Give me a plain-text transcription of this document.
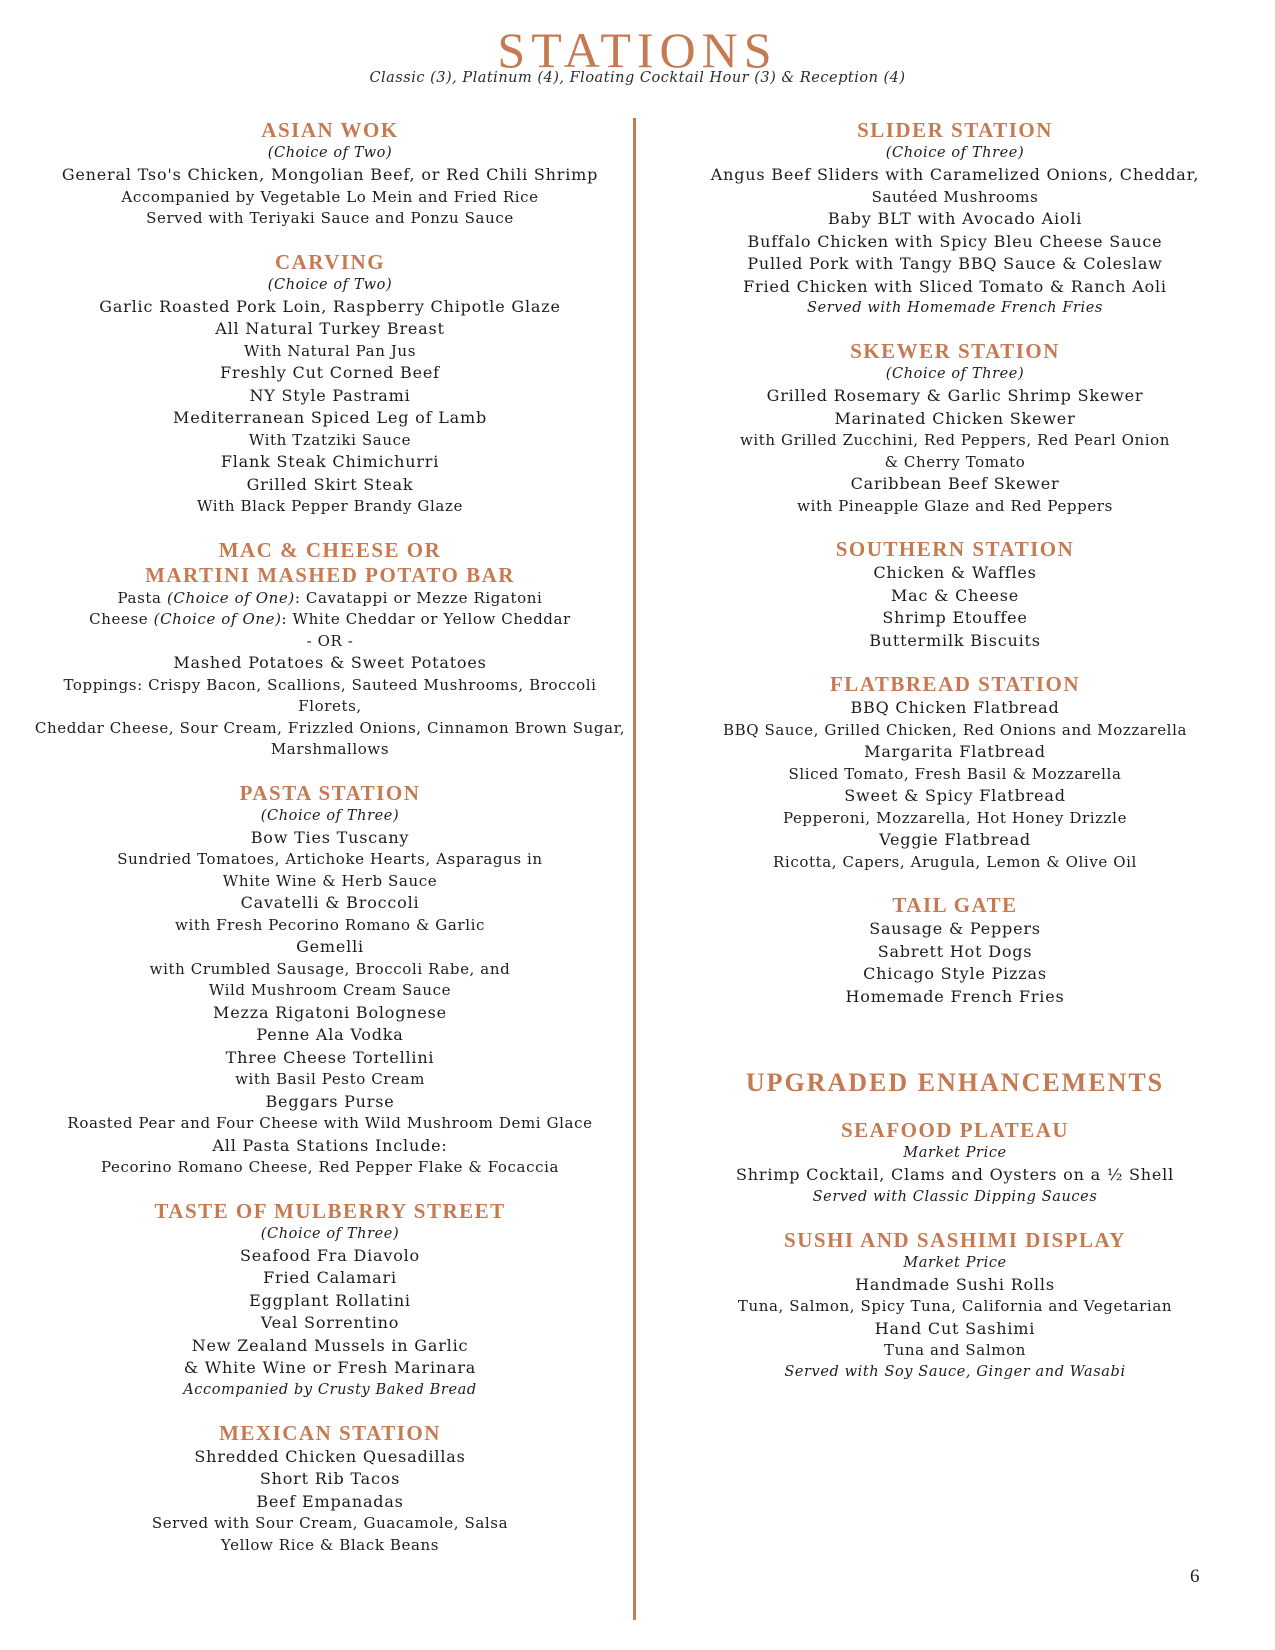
STATIONS
Classic (3), Platinum (4), Floating Cocktail Hour (3) & Reception (4)
ASIAN WOK
(Choice of Two)
General Tso's Chicken, Mongolian Beef, or Red Chili Shrimp
Accompanied by Vegetable Lo Mein and Fried Rice
Served with Teriyaki Sauce and Ponzu Sauce
CARVING
(Choice of Two)
Garlic Roasted Pork Loin, Raspberry Chipotle Glaze
All Natural Turkey Breast
With Natural Pan Jus
Freshly Cut Corned Beef
NY Style Pastrami
Mediterranean Spiced Leg of Lamb
With Tzatziki Sauce
Flank Steak Chimichurri
Grilled Skirt Steak
With Black Pepper Brandy Glaze
MAC & CHEESE OR
MARTINI MASHED POTATO BAR
Pasta (Choice of One): Cavatappi or Mezze Rigatoni
Cheese (Choice of One): White Cheddar or Yellow Cheddar
- OR -
Mashed Potatoes & Sweet Potatoes
Toppings: Crispy Bacon, Scallions, Sauteed Mushrooms, Broccoli Florets,
Cheddar Cheese, Sour Cream, Frizzled Onions, Cinnamon Brown Sugar,
Marshmallows
PASTA STATION
(Choice of Three)
Bow Ties Tuscany
Sundried Tomatoes, Artichoke Hearts, Asparagus in
White Wine & Herb Sauce
Cavatelli & Broccoli
with Fresh Pecorino Romano & Garlic
Gemelli
with Crumbled Sausage, Broccoli Rabe, and
Wild Mushroom Cream Sauce
Mezza Rigatoni Bolognese
Penne Ala Vodka
Three Cheese Tortellini
with Basil Pesto Cream
Beggars Purse
Roasted Pear and Four Cheese with Wild Mushroom Demi Glace
All Pasta Stations Include:
Pecorino Romano Cheese, Red Pepper Flake & Focaccia
TASTE OF MULBERRY STREET
(Choice of Three)
Seafood Fra Diavolo
Fried Calamari
Eggplant Rollatini
Veal Sorrentino
New Zealand Mussels in Garlic
& White Wine or Fresh Marinara
Accompanied by Crusty Baked Bread
MEXICAN STATION
Shredded Chicken Quesadillas
Short Rib Tacos
Beef Empanadas
Served with Sour Cream, Guacamole, Salsa
Yellow Rice & Black Beans
SLIDER STATION
(Choice of Three)
Angus Beef Sliders with Caramelized Onions, Cheddar,
Sautéed Mushrooms
Baby BLT with Avocado Aioli
Buffalo Chicken with Spicy Bleu Cheese Sauce
Pulled Pork with Tangy BBQ Sauce & Coleslaw
Fried Chicken with Sliced Tomato & Ranch Aoli
Served with Homemade French Fries
SKEWER STATION
(Choice of Three)
Grilled Rosemary & Garlic Shrimp Skewer
Marinated Chicken Skewer
with Grilled Zucchini, Red Peppers, Red Pearl Onion
& Cherry Tomato
Caribbean Beef Skewer
with Pineapple Glaze and Red Peppers
SOUTHERN STATION
Chicken & Waffles
Mac & Cheese
Shrimp Etouffee
Buttermilk Biscuits
FLATBREAD STATION
BBQ Chicken Flatbread
BBQ Sauce, Grilled Chicken, Red Onions and Mozzarella
Margarita Flatbread
Sliced Tomato, Fresh Basil & Mozzarella
Sweet & Spicy Flatbread
Pepperoni, Mozzarella, Hot Honey Drizzle
Veggie Flatbread
Ricotta, Capers, Arugula, Lemon & Olive Oil
TAIL GATE
Sausage & Peppers
Sabrett Hot Dogs
Chicago Style Pizzas
Homemade French Fries
UPGRADED ENHANCEMENTS
SEAFOOD PLATEAU
Market Price
Shrimp Cocktail, Clams and Oysters on a ½ Shell
Served with Classic Dipping Sauces
SUSHI AND SASHIMI DISPLAY
Market Price
Handmade Sushi Rolls
Tuna, Salmon, Spicy Tuna, California and Vegetarian
Hand Cut Sashimi
Tuna and Salmon
Served with Soy Sauce, Ginger and Wasabi
6
